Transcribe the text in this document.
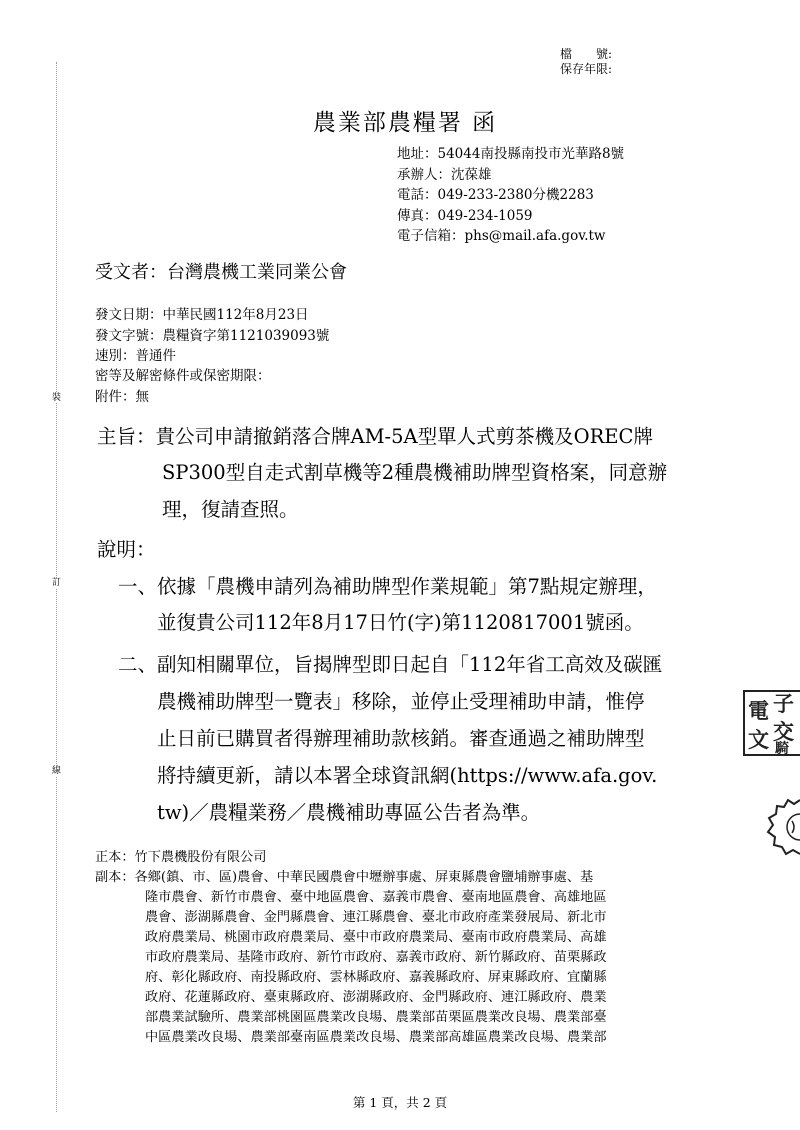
檔　　號:
保存年限:
裝
訂
線
農業部農糧署 函
地址：54044南投縣南投市光華路8號
承辦人：沈葆雄
電話：049-233-2380分機2283
傳真：049-234-1059
電子信箱：phs@mail.afa.gov.tw
受文者：台灣農機工業同業公會
發文日期：中華民國112年8月23日
發文字號：農糧資字第1121039093號
速別：普通件
密等及解密條件或保密期限：
附件：無
主旨：貴公司申請撤銷落合牌AM-5A型單人式剪茶機及OREC牌
SP300型自走式割草機等2種農機補助牌型資格案，同意辦
理，復請查照。
說明：
一、依據「農機申請列為補助牌型作業規範」第7點規定辦理，
並復貴公司112年8月17日竹(字)第1120817001號函。
二、副知相關單位，旨揭牌型即日起自「112年省工高效及碳匯
農機補助牌型一覽表」移除，並停止受理補助申請，惟停
止日前已購買者得辦理補助款核銷。審查通過之補助牌型
將持續更新，請以本署全球資訊網(https://www.afa.gov.
tw)／農糧業務／農機補助專區公告者為準。
電 子
文 交
騎
正本：竹下農機股份有限公司
副本：各鄉(鎮、市、區)農會、中華民國農會中壢辦事處、屏東縣農會鹽埔辦事處、基
隆市農會、新竹市農會、臺中地區農會、嘉義市農會、臺南地區農會、高雄地區
農會、澎湖縣農會、金門縣農會、連江縣農會、臺北市政府產業發展局、新北市
政府農業局、桃園市政府農業局、臺中市政府農業局、臺南市政府農業局、高雄
市政府農業局、基隆市政府、新竹市政府、嘉義市政府、新竹縣政府、苗栗縣政
府、彰化縣政府、南投縣政府、雲林縣政府、嘉義縣政府、屏東縣政府、宜蘭縣
政府、花蓮縣政府、臺東縣政府、澎湖縣政府、金門縣政府、連江縣政府、農業
部農業試驗所、農業部桃園區農業改良場、農業部苗栗區農業改良場、農業部臺
中區農業改良場、農業部臺南區農業改良場、農業部高雄區農業改良場、農業部
第 1 頁，共 2 頁
